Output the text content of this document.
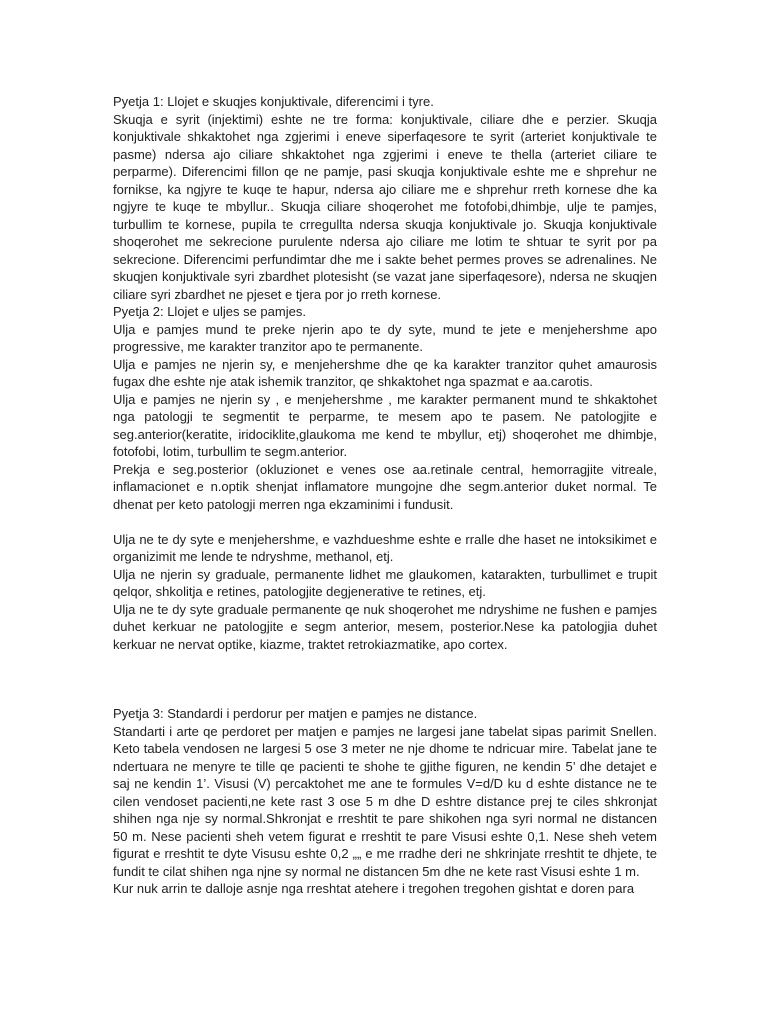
Pyetja 1: Llojet e skuqjes konjuktivale, diferencimi i tyre.

Skuqja e syrit (injektimi) eshte ne tre forma: konjuktivale, ciliare dhe e perzier. Skuqja konjuktivale shkaktohet nga zgjerimi i eneve siperfaqesore te syrit (arteriet konjuktivale te pasme) ndersa ajo ciliare shkaktohet nga zgjerimi i eneve te thella (arteriet ciliare te perparme). Diferencimi fillon qe ne pamje, pasi skuqja konjuktivale eshte me e shprehur ne fornikse, ka ngjyre te kuqe te hapur, ndersa ajo ciliare me e shprehur rreth kornese dhe ka ngjyre te kuqe te mbyllur.. Skuqja ciliare shoqerohet me fotofobi,dhimbje, ulje te pamjes, turbullim te kornese, pupila te crregullta ndersa skuqja konjuktivale jo. Skuqja konjuktivale shoqerohet me sekrecione purulente ndersa ajo ciliare me lotim te shtuar te syrit por pa sekrecione. Diferencimi perfundimtar dhe me i sakte behet permes proves se adrenalines. Ne skuqjen konjuktivale syri zbardhet plotesisht (se vazat jane siperfaqesore), ndersa ne skuqjen ciliare syri zbardhet ne pjeset e tjera por jo rreth kornese.

Pyetja 2: Llojet e uljes se pamjes.

Ulja e pamjes mund te preke njerin apo te dy syte, mund te jete e menjehershme apo progressive, me karakter tranzitor apo te permanente.

Ulja e pamjes ne njerin sy, e menjehershme dhe qe ka karakter tranzitor quhet amaurosis fugax dhe eshte nje atak ishemik tranzitor, qe shkaktohet nga spazmat e aa.carotis.

Ulja e pamjes ne njerin sy , e menjehershme , me karakter permanent mund te shkaktohet nga patologji te segmentit te perparme, te mesem apo te pasem. Ne patologjite e seg.anterior(keratite, iridociklite,glaukoma me kend te mbyllur, etj) shoqerohet me dhimbje, fotofobi, lotim, turbullim te segm.anterior.

Prekja e seg.posterior (okluzionet e venes ose aa.retinale central, hemorragjite vitreale, inflamacionet e n.optik shenjat inflamatore mungojne dhe segm.anterior duket normal. Te dhenat per keto patologji merren nga ekzaminimi i fundusit.

Ulja ne te dy syte e menjehershme, e vazhdueshme eshte e rralle dhe haset ne intoksikimet e organizimit me lende te ndryshme, methanol, etj.

Ulja ne njerin sy graduale, permanente lidhet me glaukomen, katarakten, turbullimet e trupit qelqor, shkolitja e retines, patologjite degjenerative te retines, etj.

Ulja ne te dy syte graduale permanente qe nuk shoqerohet me ndryshime ne fushen e pamjes duhet kerkuar ne patologjite e segm anterior, mesem, posterior.Nese ka patologjia duhet kerkuar ne nervat optike, kiazme, traktet retrokiazmatike, apo cortex.

Pyetja 3: Standardi i perdorur per matjen e pamjes ne distance.

Standarti i arte qe perdoret per matjen e pamjes ne largesi jane tabelat sipas parimit Snellen. Keto tabela vendosen ne largesi 5 ose 3 meter ne nje dhome te ndricuar mire. Tabelat jane te ndertuara ne menyre te tille qe pacienti te shohe te gjithe figuren, ne kendin 5’ dhe detajet e saj ne kendin 1’. Visusi (V) percaktohet me ane te formules V=d/D ku d eshte distance ne te cilen vendoset pacienti,ne kete rast 3 ose 5 m dhe D eshtre distance prej te ciles shkronjat shihen nga nje sy normal.Shkronjat e rreshtit te pare shikohen nga syri normal ne distancen 50 m. Nese pacienti sheh vetem figurat e rreshtit te pare Visusi eshte 0,1. Nese sheh vetem figurat e rreshtit te dyte Visusu eshte 0,2 „„ e me rradhe deri ne shkrinjate rreshtit te dhjete, te fundit te cilat shihen nga njne sy normal ne distancen 5m dhe ne kete rast Visusi eshte 1 m.

Kur nuk arrin te dalloje asnje nga rreshtat atehere i tregohen tregohen gishtat e doren para
